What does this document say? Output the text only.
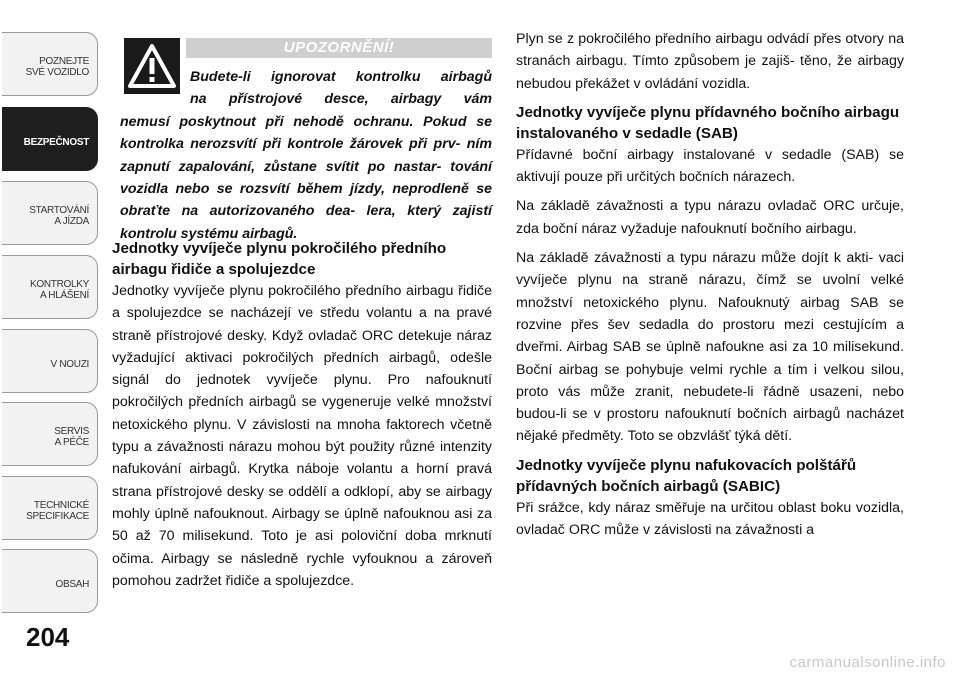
POZNEJTE
SVÉ VOZIDLO
BEZPEČNOST
STARTOVÁNÍ
A JÍZDA
KONTROLKY
A HLÁŠENÍ
V NOUZI
SERVIS
A PÉČE
TECHNICKÉ
SPECIFIKACE
OBSAH
204
UPOZORNĚNÍ!
Budete-li ignorovat kontrolku airbagů
na přístrojové desce, airbagy vám
nemusí poskytnout při nehodě ochranu. Pokud se kontrolka nerozsvítí při kontrole žárovek při prv- ním zapnutí zapalování, zůstane svítit po nastar- tování vozidla nebo se rozsvítí během jízdy, neprodleně se obraťte na autorizovaného dea- lera, který zajistí kontrolu systému airbagů.
Jednotky vyvíječe plynu pokročilého předního airbagu řidiče a spolujezdce

Jednotky vyvíječe plynu pokročilého předního airbagu řidiče a spolujezdce se nacházejí ve středu volantu a na pravé straně přístrojové desky. Když ovladač ORC detekuje náraz vyžadující aktivaci pokročilých předních airbagů, odešle signál do jednotek vyvíječe plynu. Pro nafouknutí pokročilých předních airbagů se vygeneruje velké množství netoxického plynu. V závislosti na mnoha faktorech včetně typu a závažnosti nárazu mohou být použity různé intenzity nafukování airbagů. Krytka náboje volantu a horní pravá strana přístrojové desky se oddělí a odklopí, aby se airbagy mohly úplně nafouknout. Airbagy se úplně nafouknou asi za 50 až 70 milisekund. Toto je asi poloviční doba mrknutí očima. Airbagy se následně rychle vyfouknou a zároveň pomohou zadržet řidiče a spolujezdce.

Plyn se z pokročilého předního airbagu odvádí přes otvory na stranách airbagu. Tímto způsobem je zajiš- těno, že airbagy nebudou překážet v ovládání vozidla.

Jednotky vyvíječe plynu přídavného bočního airbagu instalovaného v sedadle (SAB)

Přídavné boční airbagy instalované v sedadle (SAB) se aktivují pouze při určitých bočních nárazech.

Na základě závažnosti a typu nárazu ovladač ORC určuje, zda boční náraz vyžaduje nafouknutí bočního airbagu.

Na základě závažnosti a typu nárazu může dojít k akti- vaci vyvíječe plynu na straně nárazu, čímž se uvolní velké množství netoxického plynu. Nafouknutý airbag SAB se rozvine přes šev sedadla do prostoru mezi cestujícím a dveřmi. Airbag SAB se úplně nafoukne asi za 10 milisekund. Boční airbag se pohybuje velmi rychle a tím i velkou silou, proto vás může zranit, nebudete-li řádně usazeni, nebo budou-li se v prostoru nafouknutí bočních airbagů nacházet nějaké předměty. Toto se obzvlášť týká dětí.

Jednotky vyvíječe plynu nafukovacích polštářů přídavných bočních airbagů (SABIC)

Při srážce, kdy náraz směřuje na určitou oblast boku vozidla, ovladač ORC může v závislosti na závažnosti a

carmanualsonline.info
